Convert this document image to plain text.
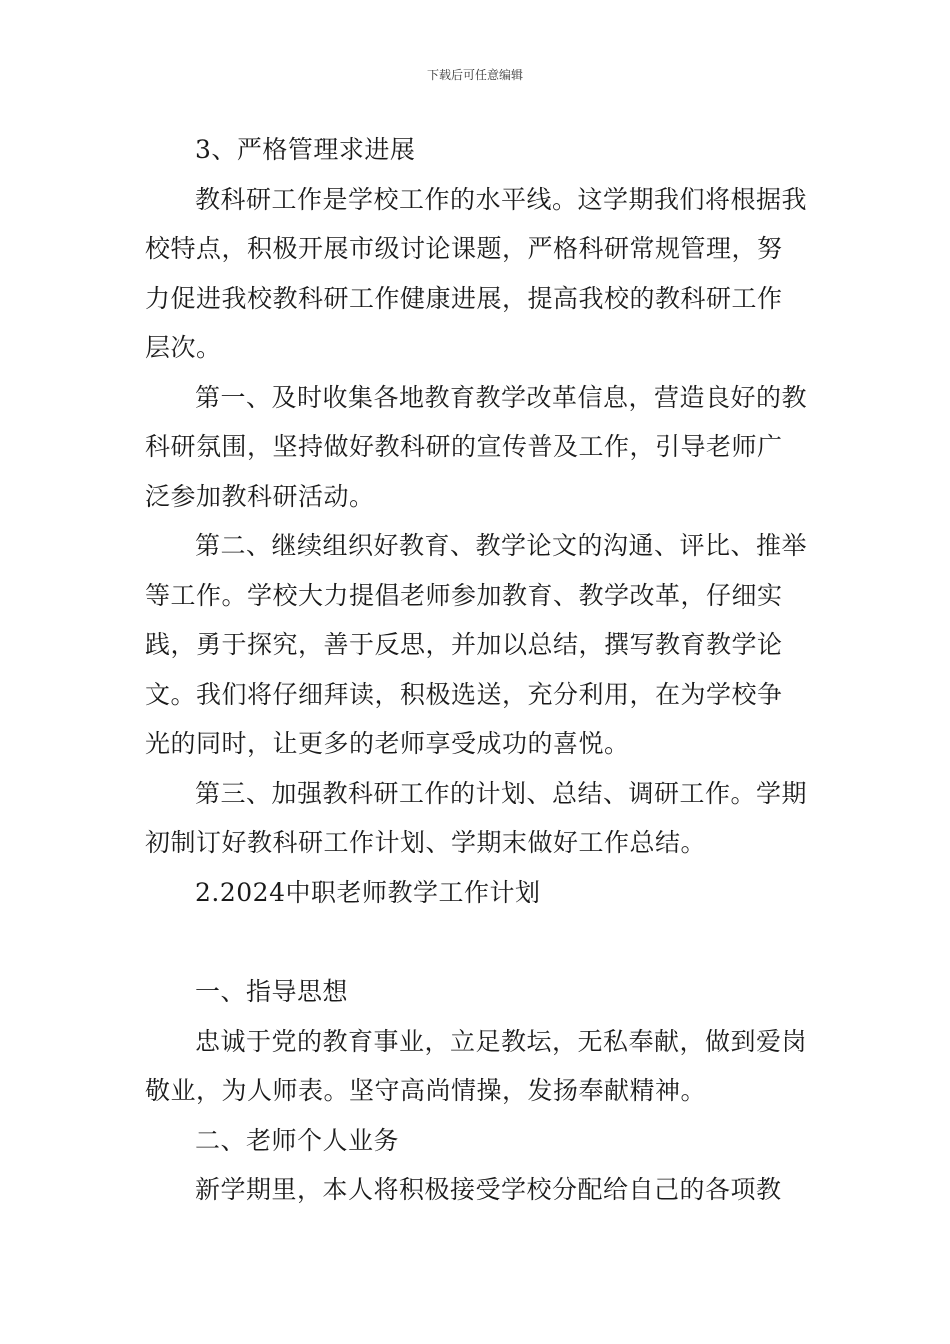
下载后可任意编辑

3、严格管理求进展

教科研工作是学校工作的水平线。这学期我们将根据我校特点，积极开展市级讨论课题，严格科研常规管理，努力促进我校教科研工作健康进展，提高我校的教科研工作层次。

第一、及时收集各地教育教学改革信息，营造良好的教科研氛围，坚持做好教科研的宣传普及工作，引导老师广泛参加教科研活动。

第二、继续组织好教育、教学论文的沟通、评比、推举等工作。学校大力提倡老师参加教育、教学改革，仔细实践，勇于探究，善于反思，并加以总结，撰写教育教学论文。我们将仔细拜读，积极选送，充分利用，在为学校争光的同时，让更多的老师享受成功的喜悦。

第三、加强教科研工作的计划、总结、调研工作。学期初制订好教科研工作计划、学期末做好工作总结。

2.2024中职老师教学工作计划

一、指导思想

忠诚于党的教育事业，立足教坛，无私奉献，做到爱岗敬业，为人师表。坚守高尚情操，发扬奉献精神。

二、老师个人业务

新学期里，本人将积极接受学校分配给自己的各项教
